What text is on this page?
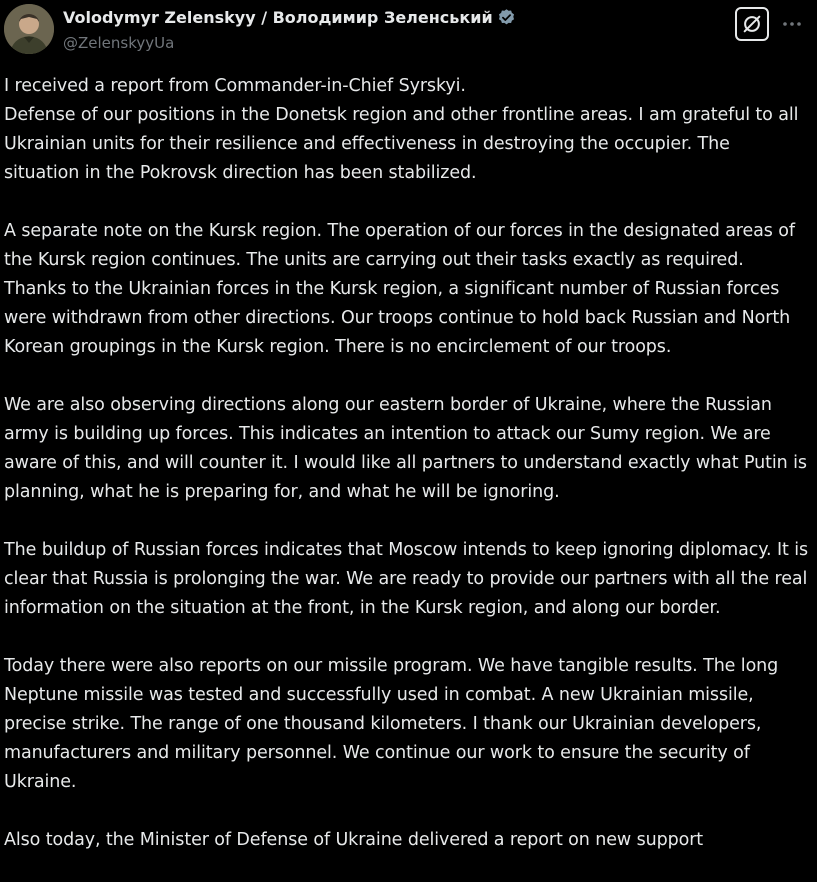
Volodymyr Zelenskyy / Володимир Зеленський
@ZelenskyyUa
I received a report from Commander-in-Chief Syrskyi.
Defense of our positions in the Donetsk region and other frontline areas. I am grateful to all Ukrainian units for their resilience and effectiveness in destroying the occupier. The situation in the Pokrovsk direction has been stabilized.

A separate note on the Kursk region. The operation of our forces in the designated areas of the Kursk region continues. The units are carrying out their tasks exactly as required. Thanks to the Ukrainian forces in the Kursk region, a significant number of Russian forces were withdrawn from other directions. Our troops continue to hold back Russian and North Korean groupings in the Kursk region. There is no encirclement of our troops.

We are also observing directions along our eastern border of Ukraine, where the Russian army is building up forces. This indicates an intention to attack our Sumy region. We are aware of this, and will counter it. I would like all partners to understand exactly what Putin is planning, what he is preparing for, and what he will be ignoring.

The buildup of Russian forces indicates that Moscow intends to keep ignoring diplomacy. It is clear that Russia is prolonging the war. We are ready to provide our partners with all the real information on the situation at the front, in the Kursk region, and along our border.

Today there were also reports on our missile program. We have tangible results. The long Neptune missile was tested and successfully used in combat. A new Ukrainian missile, precise strike. The range of one thousand kilometers. I thank our Ukrainian developers, manufacturers and military personnel. We continue our work to ensure the security of Ukraine.

Also today, the Minister of Defense of Ukraine delivered a report on new support
